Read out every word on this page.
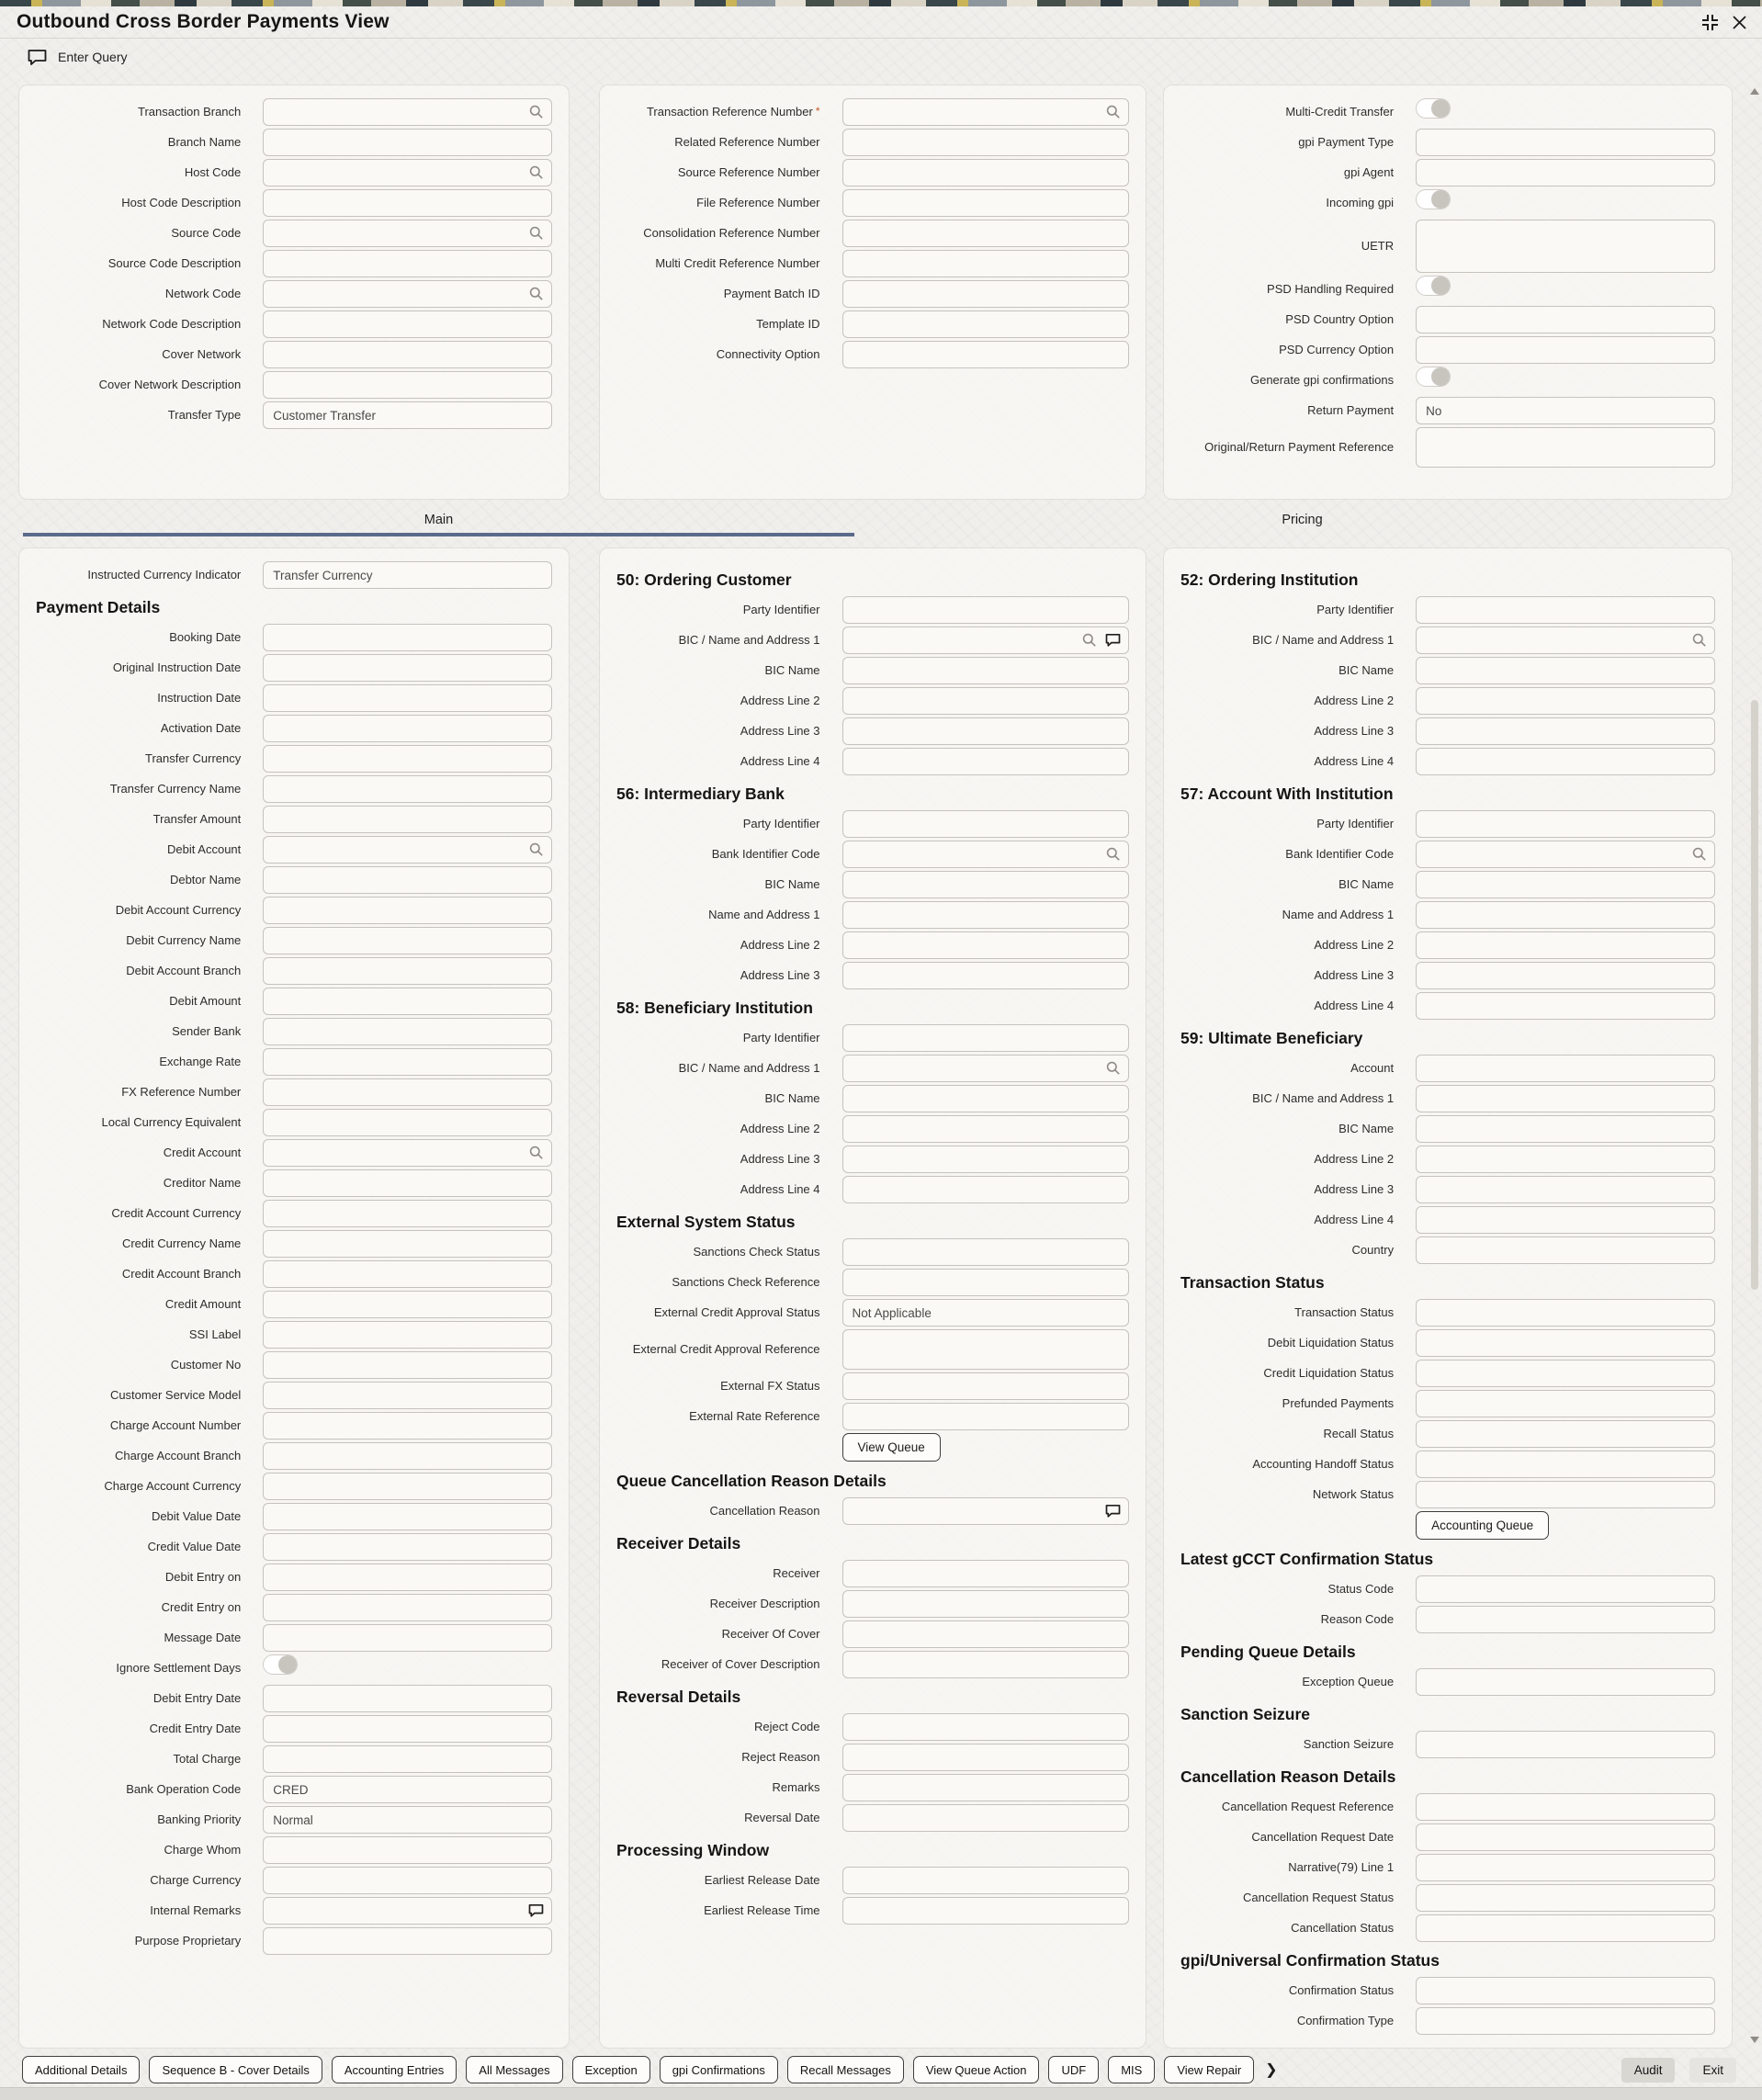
Outbound Cross Border Payments View
Enter Query
Transaction Branch
Branch Name
Host Code
Host Code Description
Source Code
Source Code Description
Network Code
Network Code Description
Cover Network
Cover Network Description
Transfer Type	Customer Transfer
Transaction Reference Number *
Related Reference Number
Source Reference Number
File Reference Number
Consolidation Reference Number
Multi Credit Reference Number
Payment Batch ID
Template ID
Connectivity Option
Multi-Credit Transfer
gpi Payment Type
gpi Agent
Incoming gpi
UETR
PSD Handling Required
PSD Country Option
PSD Currency Option
Generate gpi confirmations
Return Payment	No
Original/Return Payment Reference
Main	Pricing
Instructed Currency Indicator	Transfer Currency
Payment Details
Booking Date
Original Instruction Date
Instruction Date
Activation Date
Transfer Currency
Transfer Currency Name
Transfer Amount
Debit Account
Debtor Name
Debit Account Currency
Debit Currency Name
Debit Account Branch
Debit Amount
Sender Bank
Exchange Rate
FX Reference Number
Local Currency Equivalent
Credit Account
Creditor Name
Credit Account Currency
Credit Currency Name
Credit Account Branch
Credit Amount
SSI Label
Customer No
Customer Service Model
Charge Account Number
Charge Account Branch
Charge Account Currency
Debit Value Date
Credit Value Date
Debit Entry on
Credit Entry on
Message Date
Ignore Settlement Days
Debit Entry Date
Credit Entry Date
Total Charge
Bank Operation Code	CRED
Banking Priority	Normal
Charge Whom
Charge Currency
Internal Remarks
Purpose Proprietary
50: Ordering Customer
Party Identifier
BIC / Name and Address 1
BIC Name
Address Line 2
Address Line 3
Address Line 4
56: Intermediary Bank
Party Identifier
Bank Identifier Code
BIC Name
Name and Address 1
Address Line 2
Address Line 3
58: Beneficiary Institution
Party Identifier
BIC / Name and Address 1
BIC Name
Address Line 2
Address Line 3
Address Line 4
External System Status
Sanctions Check Status
Sanctions Check Reference
External Credit Approval Status	Not Applicable
External Credit Approval Reference
External FX Status
External Rate Reference
View Queue
Queue Cancellation Reason Details
Cancellation Reason
Receiver Details
Receiver
Receiver Description
Receiver Of Cover
Receiver of Cover Description
Reversal Details
Reject Code
Reject Reason
Remarks
Reversal Date
Processing Window
Earliest Release Date
Earliest Release Time
52: Ordering Institution
Party Identifier
BIC / Name and Address 1
BIC Name
Address Line 2
Address Line 3
Address Line 4
57: Account With Institution
Party Identifier
Bank Identifier Code
BIC Name
Name and Address 1
Address Line 2
Address Line 3
Address Line 4
59: Ultimate Beneficiary
Account
BIC / Name and Address 1
BIC Name
Address Line 2
Address Line 3
Address Line 4
Country
Transaction Status
Transaction Status
Debit Liquidation Status
Credit Liquidation Status
Prefunded Payments
Recall Status
Accounting Handoff Status
Network Status
Accounting Queue
Latest gCCT Confirmation Status
Status Code
Reason Code
Pending Queue Details
Exception Queue
Sanction Seizure
Sanction Seizure
Cancellation Reason Details
Cancellation Request Reference
Cancellation Request Date
Narrative(79) Line 1
Cancellation Request Status
Cancellation Status
gpi/Universal Confirmation Status
Confirmation Status
Confirmation Type
Additional Details	Sequence B - Cover Details	Accounting Entries	All Messages	Exception	gpi Confirmations	Recall Messages	View Queue Action	UDF	MIS	View Repair	❯	Audit	Exit
